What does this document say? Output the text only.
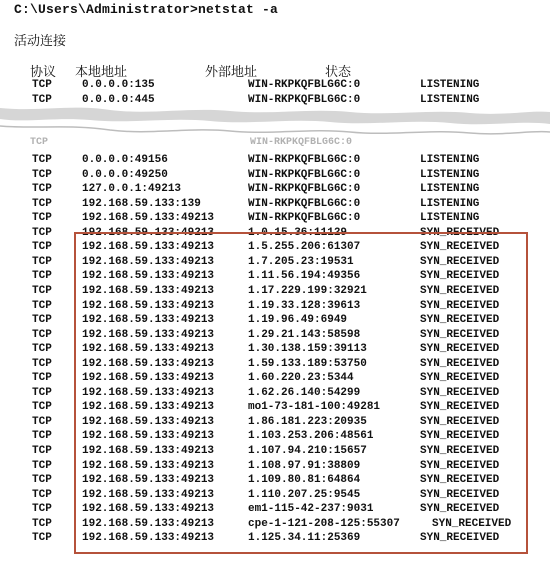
C:\Users\Administrator>netstat -a
活动连接
协议 本地地址	外部地址	状态
TCP	0.0.0.0:135	WIN-RKPKQFBLG6C:0	LISTENING
TCP	0.0.0.0:445	WIN-RKPKQFBLG6C:0	LISTENING
TCP	WIN-RKPKQFBLG6C:0
TCP	0.0.0.0:49156	WIN-RKPKQFBLG6C:0	LISTENING
TCP	0.0.0.0:49250	WIN-RKPKQFBLG6C:0	LISTENING
TCP	127.0.0.1:49213	WIN-RKPKQFBLG6C:0	LISTENING
TCP	192.168.59.133:139	WIN-RKPKQFBLG6C:0	LISTENING
TCP	192.168.59.133:49213	WIN-RKPKQFBLG6C:0	LISTENING
TCP	192.168.59.133:49213	1.0.15.36:11129	SYN_RECEIVED
TCP	192.168.59.133:49213	1.5.255.206:61307	SYN_RECEIVED
TCP	192.168.59.133:49213	1.7.205.23:19531	SYN_RECEIVED
TCP	192.168.59.133:49213	1.11.56.194:49356	SYN_RECEIVED
TCP	192.168.59.133:49213	1.17.229.199:32921	SYN_RECEIVED
TCP	192.168.59.133:49213	1.19.33.128:39613	SYN_RECEIVED
TCP	192.168.59.133:49213	1.19.96.49:6949	SYN_RECEIVED
TCP	192.168.59.133:49213	1.29.21.143:58598	SYN_RECEIVED
TCP	192.168.59.133:49213	1.30.138.159:39113	SYN_RECEIVED
TCP	192.168.59.133:49213	1.59.133.189:53750	SYN_RECEIVED
TCP	192.168.59.133:49213	1.60.220.23:5344	SYN_RECEIVED
TCP	192.168.59.133:49213	1.62.26.140:54299	SYN_RECEIVED
TCP	192.168.59.133:49213	mo1-73-181-100:49281	SYN_RECEIVED
TCP	192.168.59.133:49213	1.86.181.223:20935	SYN_RECEIVED
TCP	192.168.59.133:49213	1.103.253.206:48561	SYN_RECEIVED
TCP	192.168.59.133:49213	1.107.94.210:15657	SYN_RECEIVED
TCP	192.168.59.133:49213	1.108.97.91:38809	SYN_RECEIVED
TCP	192.168.59.133:49213	1.109.80.81:64864	SYN_RECEIVED
TCP	192.168.59.133:49213	1.110.207.25:9545	SYN_RECEIVED
TCP	192.168.59.133:49213	em1-115-42-237:9031	SYN_RECEIVED
TCP	192.168.59.133:49213	cpe-1-121-208-125:55307	SYN_RECEIVED
TCP	192.168.59.133:49213	1.125.34.11:25369	SYN_RECEIVED
